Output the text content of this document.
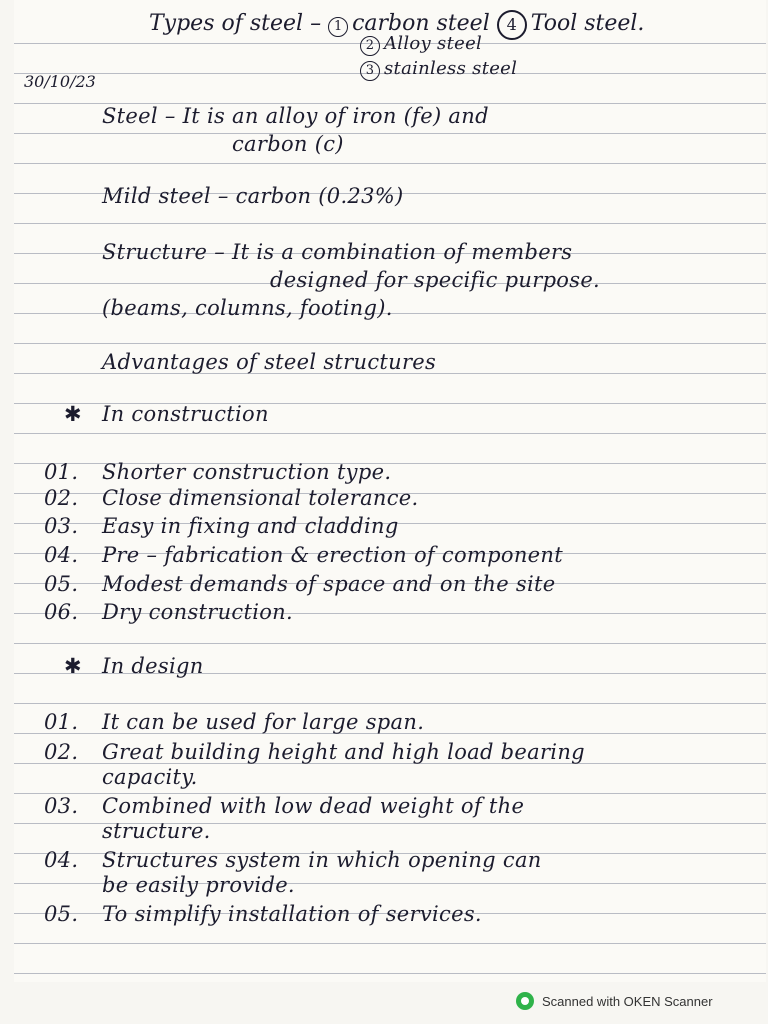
30/10/23
Types of steel – 1 carbon steel 4 Tool steel.
2 Alloy steel
3 stainless steel
Steel – It is an alloy of iron (fe) and
carbon (c)
Mild steel – carbon (0.23%)
Structure – It is a combination of members
designed for specific purpose.
(beams, columns, footing).
Advantages of steel structures
✱ In construction
01. Shorter construction type.
02. Close dimensional tolerance.
03. Easy in fixing and cladding
04. Pre – fabrication & erection of component
05. Modest demands of space and on the site
06. Dry construction.
✱ In design
01. It can be used for large span.
02. Great building height and high load bearing
capacity.
03. Combined with low dead weight of the
structure.
04. Structures system in which opening can
be easily provide.
05. To simplify installation of services.
Scanned with OKEN Scanner
